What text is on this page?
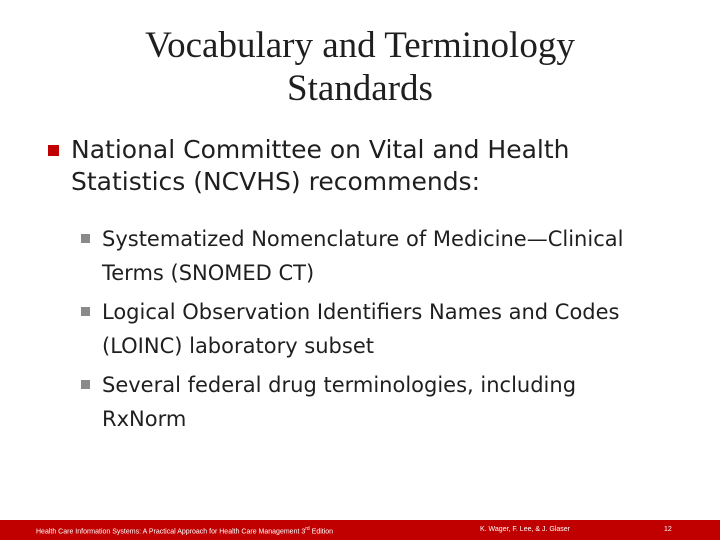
Vocabulary and Terminology
Standards
National Committee on Vital and Health
Statistics (NCVHS) recommends:
Systematized Nomenclature of Medicine—Clinical
Terms (SNOMED CT)
Logical Observation Identifiers Names and Codes
(LOINC) laboratory subset
Several federal drug terminologies, including
RxNorm
Health Care Information Systems: A Practical Approach for Health Care Management 3rd Edition	K. Wager, F. Lee, & J. Glaser	12
